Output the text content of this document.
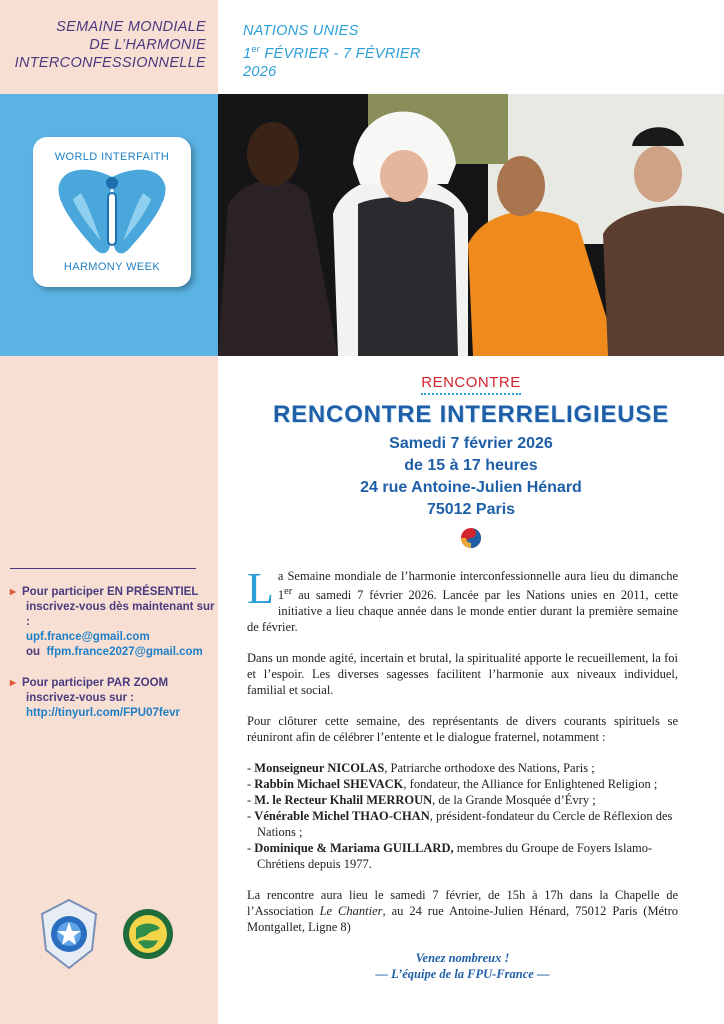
SEMAINE MONDIALE
DE L’HARMONIE
INTERCONFESSIONNELLE
NATIONS UNIES
1er FÉVRIER - 7 FÉVRIER
2026
WORLD INTERFAITH
HARMONY WEEK
RENCONTRE
RENCONTRE INTERRELIGIEUSE
Samedi 7 février 2026
de 15 à 17 heures
24 rue Antoine-Julien Hénard
75012 Paris
▸ Pour participer EN PRÉSENTIEL
inscrivez-vous dès maintenant sur :
upf.france@gmail.com
ou ffpm.france2027@gmail.com
▸ Pour participer PAR ZOOM
inscrivez-vous sur :
http://tinyurl.com/FPU07fevr

La Semaine mondiale de l’harmonie interconfessionnelle aura lieu du dimanche 1er au samedi 7 février 2026. Lancée par les Nations unies en 2011, cette initiative a lieu chaque année dans le monde entier durant la première semaine de février.

Dans un monde agité, incertain et brutal, la spiritualité apporte le recueillement, la foi et l’espoir. Les diverses sagesses facilitent l’harmonie aux niveaux individuel, familial et social.

Pour clôturer cette semaine, des représentants de divers courants spirituels se réuniront afin de célébrer l’entente et le dialogue fraternel, notamment :

- Monseigneur NICOLAS, Patriarche orthodoxe des Nations, Paris ;
- Rabbin Michael SHEVACK, fondateur, the Alliance for Enlightened Religion ;
- M. le Recteur Khalil MERROUN, de la Grande Mosquée d’Évry ;
- Vénérable Michel THAO-CHAN, président-fondateur du Cercle de Réflexion des Nations ;
- Dominique & Mariama GUILLARD, membres du Groupe de Foyers Islamo-Chrétiens depuis 1977.

La rencontre aura lieu le samedi 7 février, de 15h à 17h dans la Chapelle de l’Association Le Chantier, au 24 rue Antoine-Julien Hénard, 75012 Paris (Métro Montgallet, Ligne 8)

Venez nombreux !
— L’équipe de la FPU-France —
